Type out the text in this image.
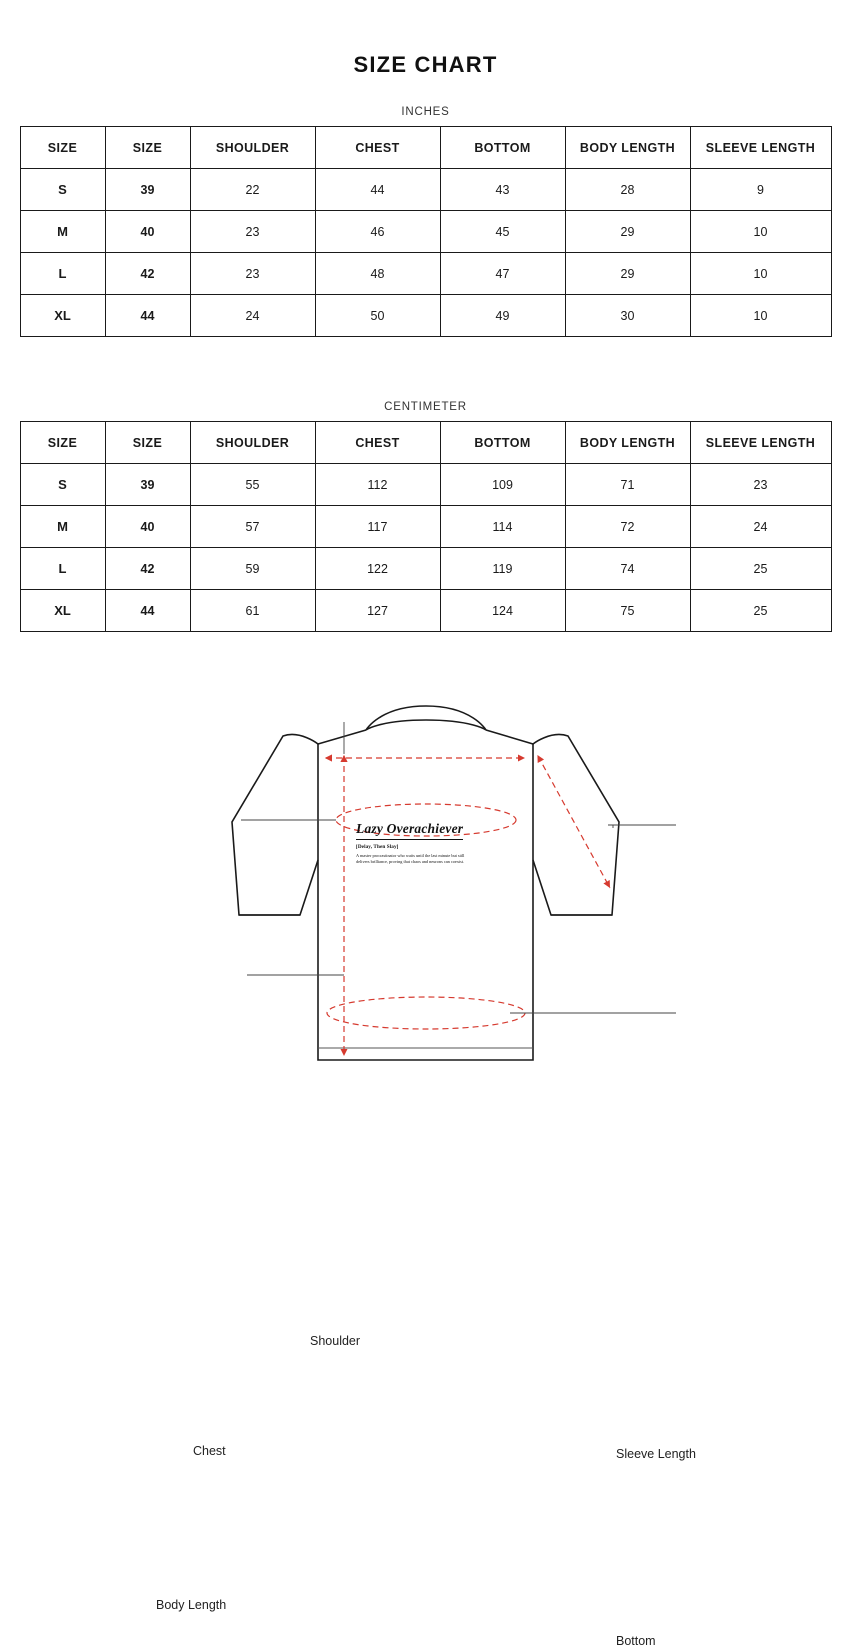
SIZE CHART
INCHES
SIZE	SIZE	SHOULDER	CHEST	BOTTOM	BODY LENGTH	SLEEVE LENGTH
S	39	22	44	43	28	9
M	40	23	46	45	29	10
L	42	23	48	47	29	10
XL	44	24	50	49	30	10
CENTIMETER
SIZE	SIZE	SHOULDER	CHEST	BOTTOM	BODY LENGTH	SLEEVE LENGTH
S	39	55	112	109	71	23
M	40	57	117	114	72	24
L	42	59	122	119	74	25
XL	44	61	127	124	75	25
Shoulder
Chest	Sleeve Length
Body Length
Bottom
Lazy Overachiever
[Delay, Then Slay]
A master procrastinator who waits until the last minute but still delivers brilliance, proving that chaos and neurons can coexist.
